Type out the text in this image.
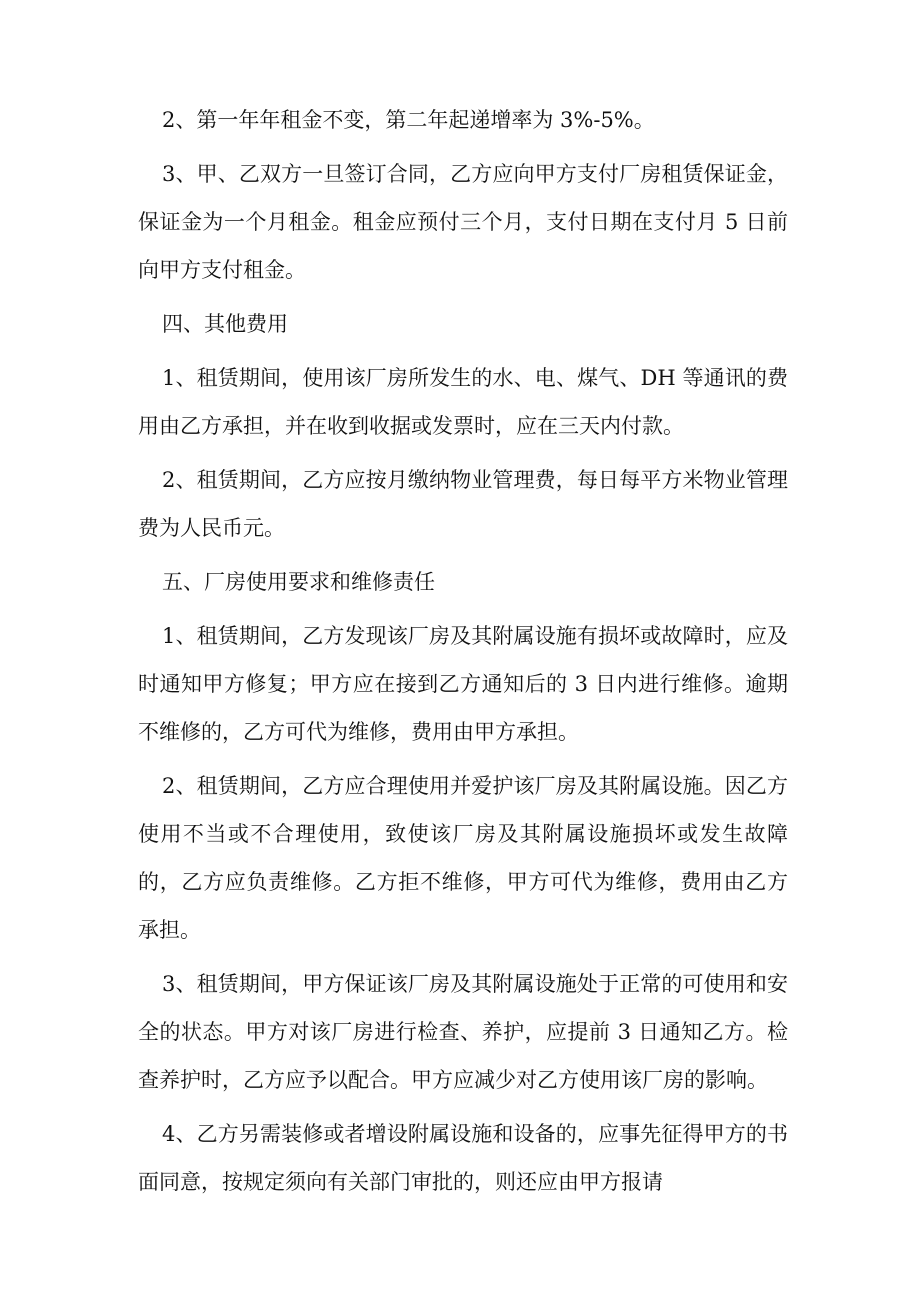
2、第一年年租金不变，第二年起递增率为 3%-5%。

3、甲、乙双方一旦签订合同，乙方应向甲方支付厂房租赁保证金，保证金为一个月租金。租金应预付三个月，支付日期在支付月 5 日前向甲方支付租金。

四、其他费用

1、租赁期间，使用该厂房所发生的水、电、煤气、DH 等通讯的费用由乙方承担，并在收到收据或发票时，应在三天内付款。

2、租赁期间，乙方应按月缴纳物业管理费，每日每平方米物业管理费为人民币元。

五、厂房使用要求和维修责任

1、租赁期间，乙方发现该厂房及其附属设施有损坏或故障时，应及时通知甲方修复；甲方应在接到乙方通知后的 3 日内进行维修。逾期不维修的，乙方可代为维修，费用由甲方承担。

2、租赁期间，乙方应合理使用并爱护该厂房及其附属设施。因乙方使用不当或不合理使用，致使该厂房及其附属设施损坏或发生故障的，乙方应负责维修。乙方拒不维修，甲方可代为维修，费用由乙方承担。

3、租赁期间，甲方保证该厂房及其附属设施处于正常的可使用和安全的状态。甲方对该厂房进行检查、养护，应提前 3 日通知乙方。检查养护时，乙方应予以配合。甲方应减少对乙方使用该厂房的影响。

4、乙方另需装修或者增设附属设施和设备的，应事先征得甲方的书面同意，按规定须向有关部门审批的，则还应由甲方报请
